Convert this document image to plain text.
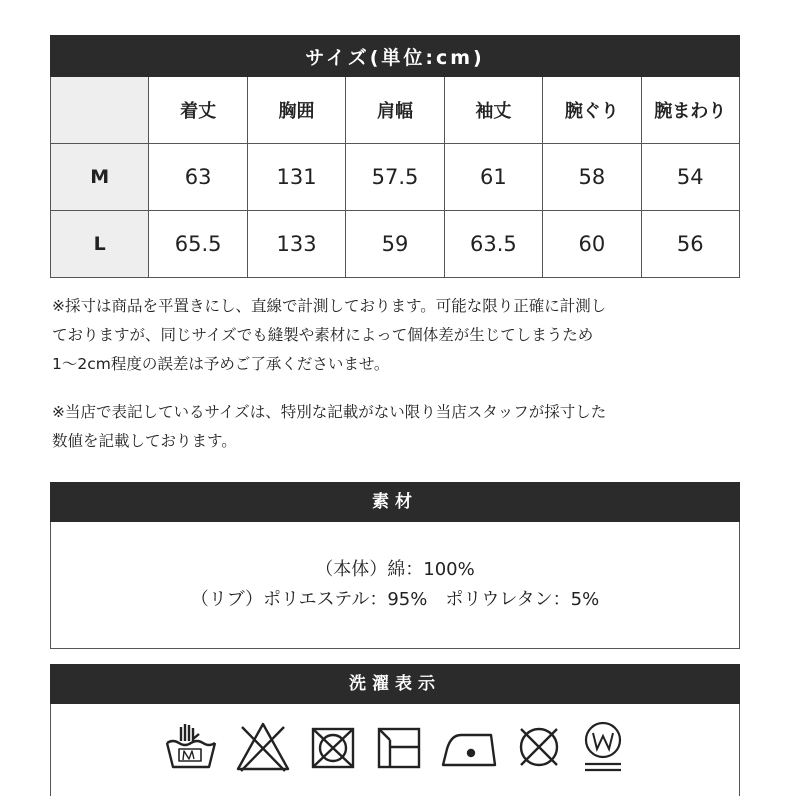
サイズ(単位:cm)						
	着丈	胸囲	肩幅	袖丈	腕ぐり	腕まわり
M	63	131	57.5	61	58	54
L	65.5	133	59	63.5	60	56

※採寸は商品を平置きにし、直線で計測しております。可能な限り正確に計測し

ておりますが、同じサイズでも縫製や素材によって個体差が生じてしまうため

1～2cm程度の誤差は予めご了承くださいませ。

※当店で表記しているサイズは、特別な記載がない限り当店スタッフが採寸した

数値を記載しております。

素材

（本体）綿：100%

（リブ）ポリエステル：95%　ポリウレタン：5%

洗濯表示
